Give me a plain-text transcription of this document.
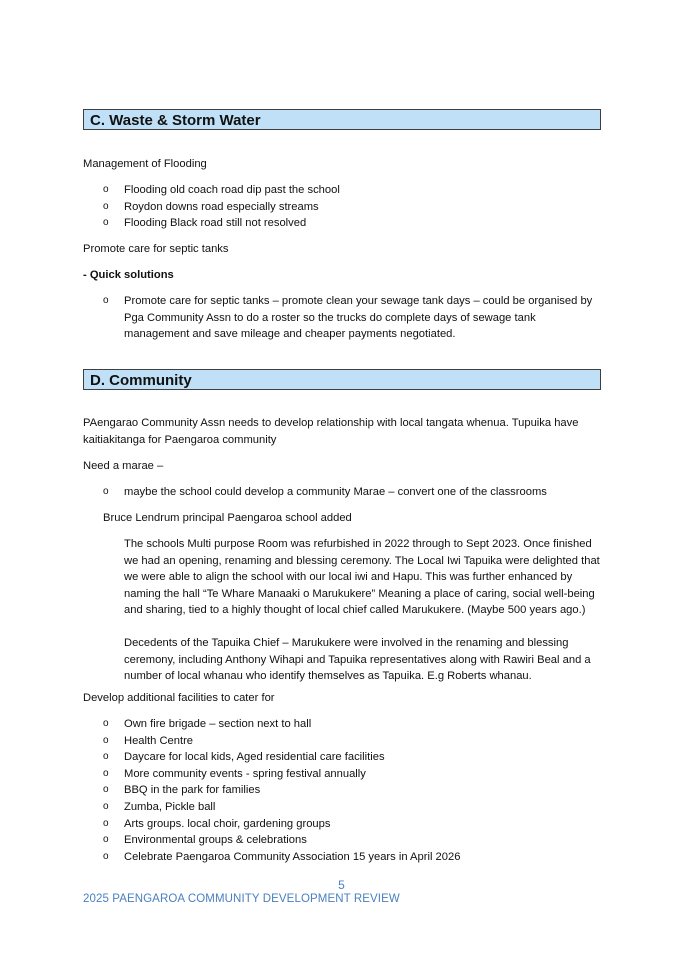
C. Waste & Storm Water

Management of Flooding

o Flooding old coach road dip past the school
o Roydon downs road especially streams
o Flooding Black road still not resolved

Promote care for septic tanks

- Quick solutions

o Promote care for septic tanks – promote clean your sewage tank days – could be organised by Pga Community Assn to do a roster so the trucks do complete days of sewage tank management and save mileage and cheaper payments negotiated.
D. Community

PAengarao Community Assn needs to develop relationship with local tangata whenua. Tupuika have kaitiakitanga for Paengaroa community

Need a marae –

o maybe the school could develop a community Marae – convert one of the classrooms

Bruce Lendrum principal Paengaroa school added

The schools Multi purpose Room was refurbished in 2022 through to Sept 2023. Once finished we had an opening, renaming and blessing ceremony. The Local Iwi Tapuika were delighted that we were able to align the school with our local iwi and Hapu. This was further enhanced by naming the hall “Te Whare Manaaki o Marukukere” Meaning a place of caring, social well-being and sharing, tied to a highly thought of local chief called Marukukere. (Maybe 500 years ago.)

Decedents of the Tapuika Chief – Marukukere were involved in the renaming and blessing ceremony, including Anthony Wihapi and Tapuika representatives along with Rawiri Beal and a number of local whanau who identify themselves as Tapuika. E.g Roberts whanau.

Develop additional facilities to cater for

o Own fire brigade – section next to hall
o Health Centre
o Daycare for local kids, Aged residential care facilities
o More community events - spring festival annually
o BBQ in the park for families
o Zumba, Pickle ball
o Arts groups. local choir, gardening groups
o Environmental groups & celebrations
o Celebrate Paengaroa Community Association 15 years in April 2026
5
2025 PAENGAROA COMMUNITY DEVELOPMENT REVIEW
